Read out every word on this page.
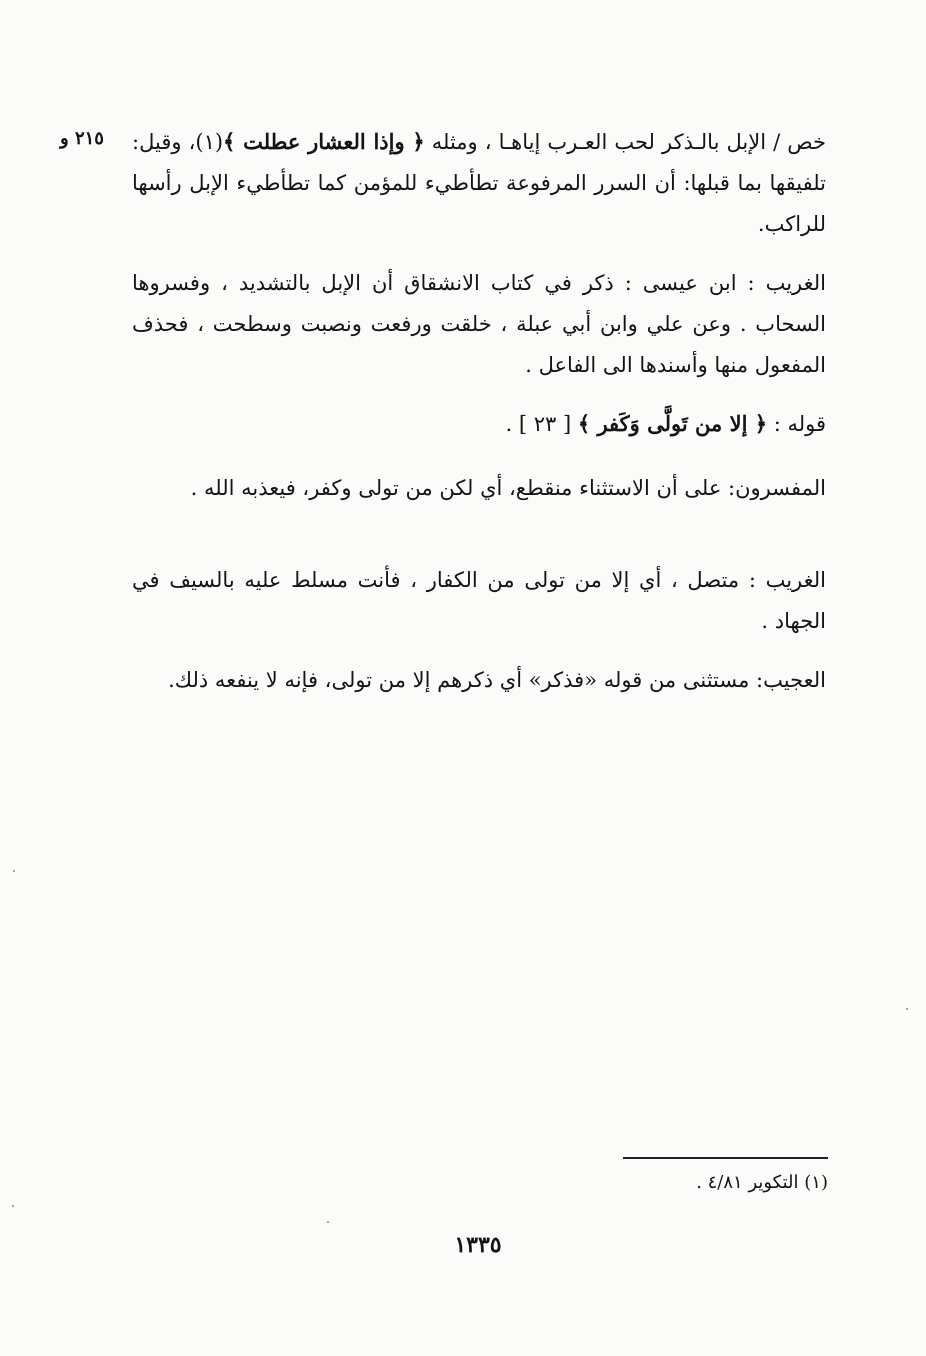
٢١٥ و	خص / الإبل بالـذكر لحب العـرب إياهـا ، ومثله ﴿ وإذا العشار عطلت ﴾(١)، وقيل: تلفيقها بما قبلها: أن السرر المرفوعة تطأطيء للمؤمن كما تطأطيء الإبل رأسها للراكب.

الغريب : ابن عيسى : ذكر في كتاب الانشقاق أن الإبل بالتشديد ، وفسروها السحاب . وعن علي وابن أبي عبلة ، خلقت ورفعت ونصبت وسطحت ، فحذف المفعول منها وأسندها الى الفاعل .

قوله : ﴿ إلا من تَولَّى وَكَفر ﴾ [ ٢٣ ] .

المفسرون: على أن الاستثناء منقطع، أي لكن من تولى وكفر، فيعذبه الله .

الغريب : متصل ، أي إلا من تولى من الكفار ، فأنت مسلط عليه بالسيف في الجهاد .

العجيب: مستثنى من قوله «فذكر» أي ذكرهم إلا من تولى، فإنه لا ينفعه ذلك.

(١) التكوير ٤/٨١ .
١٣٣٥
